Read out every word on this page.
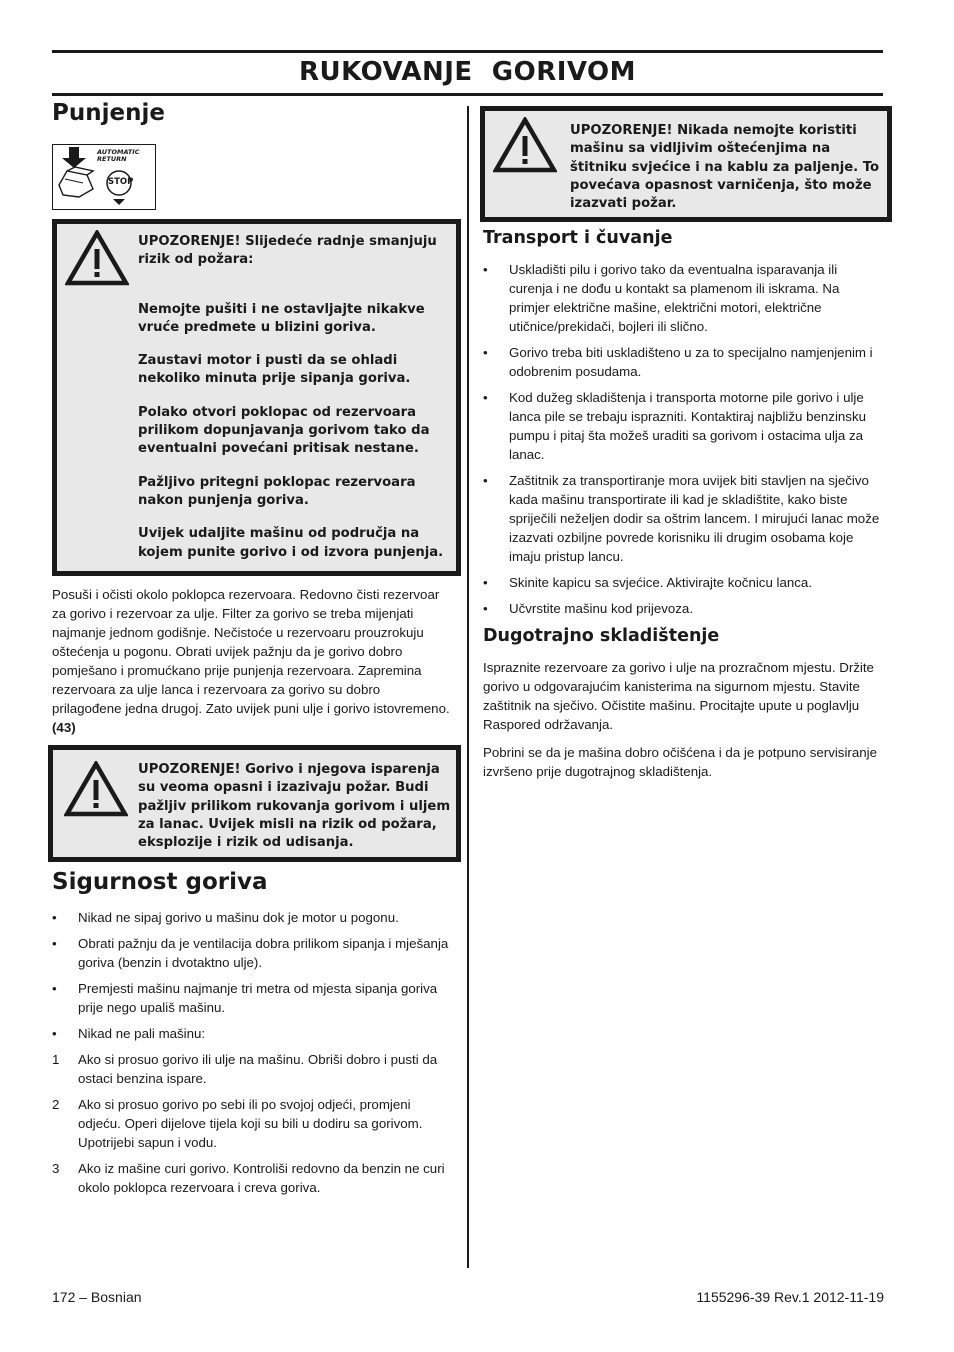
RUKOVANJE  GORIVOM
Punjenje
AUTOMATIC RETURN
STOP

UPOZORENJE! Slijedeće radnje smanjuju rizik od požara:

Nemojte pušiti i ne ostavljajte nikakve vruće predmete u blizini goriva.

Zaustavi motor i pusti da se ohladi nekoliko minuta prije sipanja goriva.

Polako otvori poklopac od rezervoara prilikom dopunjavanja gorivom tako da eventualni povećani pritisak nestane.

Pažljivo pritegni poklopac rezervoara nakon punjenja goriva.

Uvijek udaljite mašinu od područja na kojem punite gorivo i od izvora punjenja.

Posuši i očisti okolo poklopca rezervoara. Redovno čisti rezervoar za gorivo i rezervoar za ulje. Filter za gorivo se treba mijenjati najmanje jednom godišnje. Nečistoće u rezervoaru prouzrokuju oštećenja u pogonu. Obrati uvijek pažnju da je gorivo dobro pomješano i promućkano prije punjenja rezervoara. Zapremina rezervoara za ulje lanca i rezervoara za gorivo su dobro prilagođene jedna drugoj. Zato uvijek puni ulje i gorivo istovremeno. (43)
UPOZORENJE! Gorivo i njegova isparenja su veoma opasni i izazivaju požar. Budi pažljiv prilikom rukovanja gorivom i uljem za lanac. Uvijek misli na rizik od požara, eksplozije i rizik od udisanja.
Sigurnost goriva
• Nikad ne sipaj gorivo u mašinu dok je motor u pogonu.
• Obrati pažnju da je ventilacija dobra prilikom sipanja i mješanja goriva (benzin i dvotaktno ulje).
• Premjesti mašinu najmanje tri metra od mjesta sipanja goriva prije nego upališ mašinu.
• Nikad ne pali mašinu:
1 Ako si prosuo gorivo ili ulje na mašinu. Obriši dobro i pusti da ostaci benzina ispare.
2 Ako si prosuo gorivo po sebi ili po svojoj odjeći, promjeni odjeću. Operi dijelove tijela koji su bili u dodiru sa gorivom. Upotrijebi sapun i vodu.
3 Ako iz mašine curi gorivo. Kontroliši redovno da benzin ne curi okolo poklopca rezervoara i creva goriva.
UPOZORENJE! Nikada nemojte koristiti mašinu sa vidljivim oštećenjima na štitniku svjećice i na kablu za paljenje. To povećava opasnost varničenja, što može izazvati požar.
Transport i čuvanje
• Uskladišti pilu i gorivo tako da eventualna isparavanja ili curenja i ne dođu u kontakt sa plamenom ili iskrama. Na primjer električne mašine, električni motori, električne utičnice/prekidači, bojleri ili slično.
• Gorivo treba biti uskladišteno u za to specijalno namjenjenim i odobrenim posudama.
• Kod dužeg skladištenja i transporta motorne pile gorivo i ulje lanca pile se trebaju isprazniti. Kontaktiraj najbližu benzinsku pumpu i pitaj šta možeš uraditi sa gorivom i ostacima ulja za lanac.
• Zaštitnik za transportiranje mora uvijek biti stavljen na sječivo kada mašinu transportirate ili kad je skladištite, kako biste spriječili neželjen dodir sa oštrim lancem. I mirujući lanac može izazvati ozbiljne povrede korisniku ili drugim osobama koje imaju pristup lancu.
• Skinite kapicu sa svjećice. Aktivirajte kočnicu lanca.
• Učvrstite mašinu kod prijevoza.
Dugotrajno skladištenje

Ispraznite rezervoare za gorivo i ulje na prozračnom mjestu. Držite gorivo u odgovarajućim kanisterima na sigurnom mjestu. Stavite zaštitnik na sječivo. Očistite mašinu. Procitajte upute u poglavlju Raspored održavanja.

Pobrini se da je mašina dobro očišćena i da je potpuno servisiranje izvršeno prije dugotrajnog skladištenja.

172 – Bosnian	1155296-39 Rev.1 2012-11-19
